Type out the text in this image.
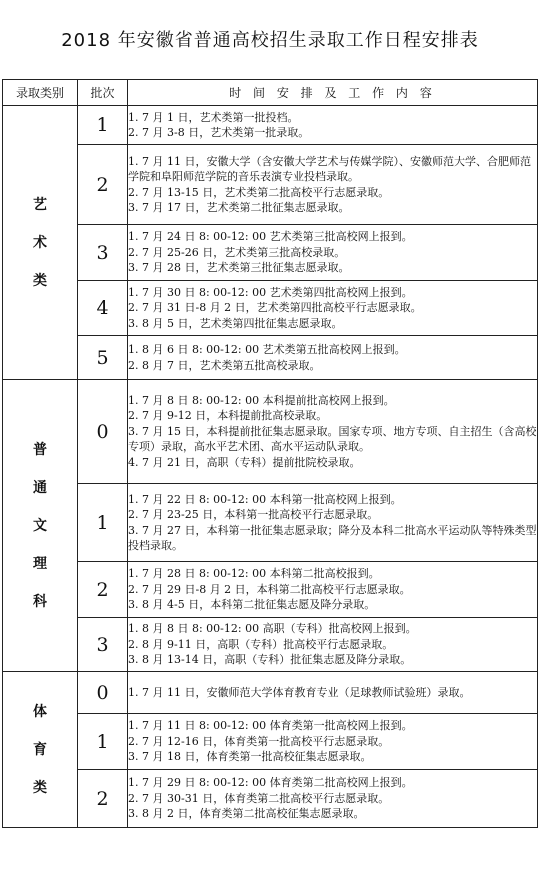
2018 年安徽省普通高校招生录取工作日程安排表
录取类别	批次	时 间 安 排 及 工 作 内 容

艺
术
类	1	1. 7 月 1 日，艺术类第一批投档。
2. 7 月 3-8 日，艺术类第一批录取。

	2	1. 7 月 11 日，安徽大学（含安徽大学艺术与传媒学院）、安徽师范大学、合肥师范学院和阜阳师范学院的音乐表演专业投档录取。
2. 7 月 13-15 日，艺术类第二批高校平行志愿录取。
3. 7 月 17 日，艺术类第二批征集志愿录取。

	3	1. 7 月 24 日 8: 00-12: 00 艺术类第三批高校网上报到。
2. 7 月 25-26 日，艺术类第三批高校录取。
3. 7 月 28 日，艺术类第三批征集志愿录取。

	4	1. 7 月 30 日 8: 00-12: 00 艺术类第四批高校网上报到。
2. 7 月 31 日-8 月 2 日，艺术类第四批高校平行志愿录取。
3. 8 月 5 日，艺术类第四批征集志愿录取。

	5	1. 8 月 6 日 8: 00-12: 00 艺术类第五批高校网上报到。
2. 8 月 7 日，艺术类第五批高校录取。

普
通
文
理
科	0	1. 7 月 8 日 8: 00-12: 00 本科提前批高校网上报到。
2. 7 月 9-12 日，本科提前批高校录取。
3. 7 月 15 日，本科提前批征集志愿录取。国家专项、地方专项、自主招生（含高校专项）录取，高水平艺术团、高水平运动队录取。
4. 7 月 21 日，高职（专科）提前批院校录取。

	1	1. 7 月 22 日 8: 00-12: 00 本科第一批高校网上报到。
2. 7 月 23-25 日，本科第一批高校平行志愿录取。
3. 7 月 27 日，本科第一批征集志愿录取；降分及本科二批高水平运动队等特殊类型投档录取。

	2	1. 7 月 28 日 8: 00-12: 00 本科第二批高校报到。
2. 7 月 29 日-8 月 2 日，本科第二批高校平行志愿录取。
3. 8 月 4-5 日，本科第二批征集志愿及降分录取。

	3	1. 8 月 8 日 8: 00-12: 00 高职（专科）批高校网上报到。
2. 8 月 9-11 日，高职（专科）批高校平行志愿录取。
3. 8 月 13-14 日，高职（专科）批征集志愿及降分录取。

体
育
类	0	1. 7 月 11 日，安徽师范大学体育教育专业（足球教师试验班）录取。

	1	1. 7 月 11 日 8: 00-12: 00 体育类第一批高校网上报到。
2. 7 月 12-16 日，体育类第一批高校平行志愿录取。
3. 7 月 18 日，体育类第一批高校征集志愿录取。

	2	1. 7 月 29 日 8: 00-12: 00 体育类第二批高校网上报到。
2. 7 月 30-31 日，体育类第二批高校平行志愿录取。
3. 8 月 2 日，体育类第二批高校征集志愿录取。
